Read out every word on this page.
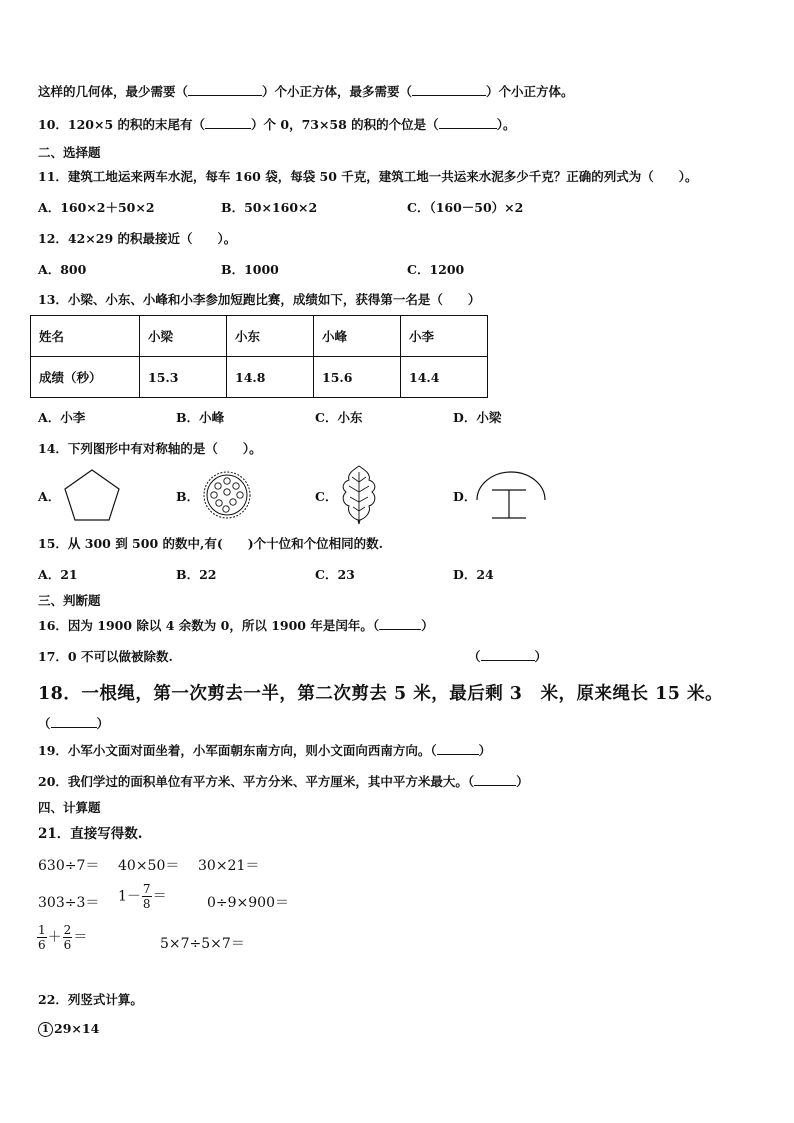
这样的几何体，最少需要（	）个小正方体，最多需要（	）个小正方体。
10．120×5 的积的末尾有（	）个 0，73×58 的积的个位是（	）。
二、选择题
11．建筑工地运来两车水泥，每车 160 袋，每袋 50 千克，建筑工地一共运来水泥多少千克？正确的列式为（　　）。
A．160×2＋50×2	B．50×160×2	C．（160－50）×2
12．42×29 的积最接近（　　）。
A．800	B．1000	C．1200
13．小梁、小东、小峰和小李参加短跑比赛，成绩如下，获得第一名是（　　）
姓名	小梁	小东	小峰	小李
成绩（秒）	15.3	14.8	15.6	14.4
A．小李	B．小峰	C．小东	D．小梁
14．下列图形中有对称轴的是（　　）。
A．	B．	C．	D．
15．从 300 到 500 的数中,有(　　)个十位和个位相同的数.
A．21	B．22	C．23	D．24
三、判断题
16．因为 1900 除以 4 余数为 0，所以 1900 年是闰年。（	）
17．0 不可以做被除数.	（	）
18．一根绳，第一次剪去一半，第二次剪去 5 米，最后剩 3　米，原来绳长 15 米。
（	）
19．小军小文面对面坐着，小军面朝东南方向，则小文面向西南方向。（	）
20．我们学过的面积单位有平方米、平方分米、平方厘米，其中平方米最大。（	）
四、计算题
21．直接写得数.
630÷7＝ 40×50＝ 30×21＝
$303\div 3= 1- \frac{7}{8}$ ＝	0÷9×900＝
$\frac{1}{6} + \frac{2}{6}$ ＝	5×7÷5×7＝
22．列竖式计算。
1 29×14
